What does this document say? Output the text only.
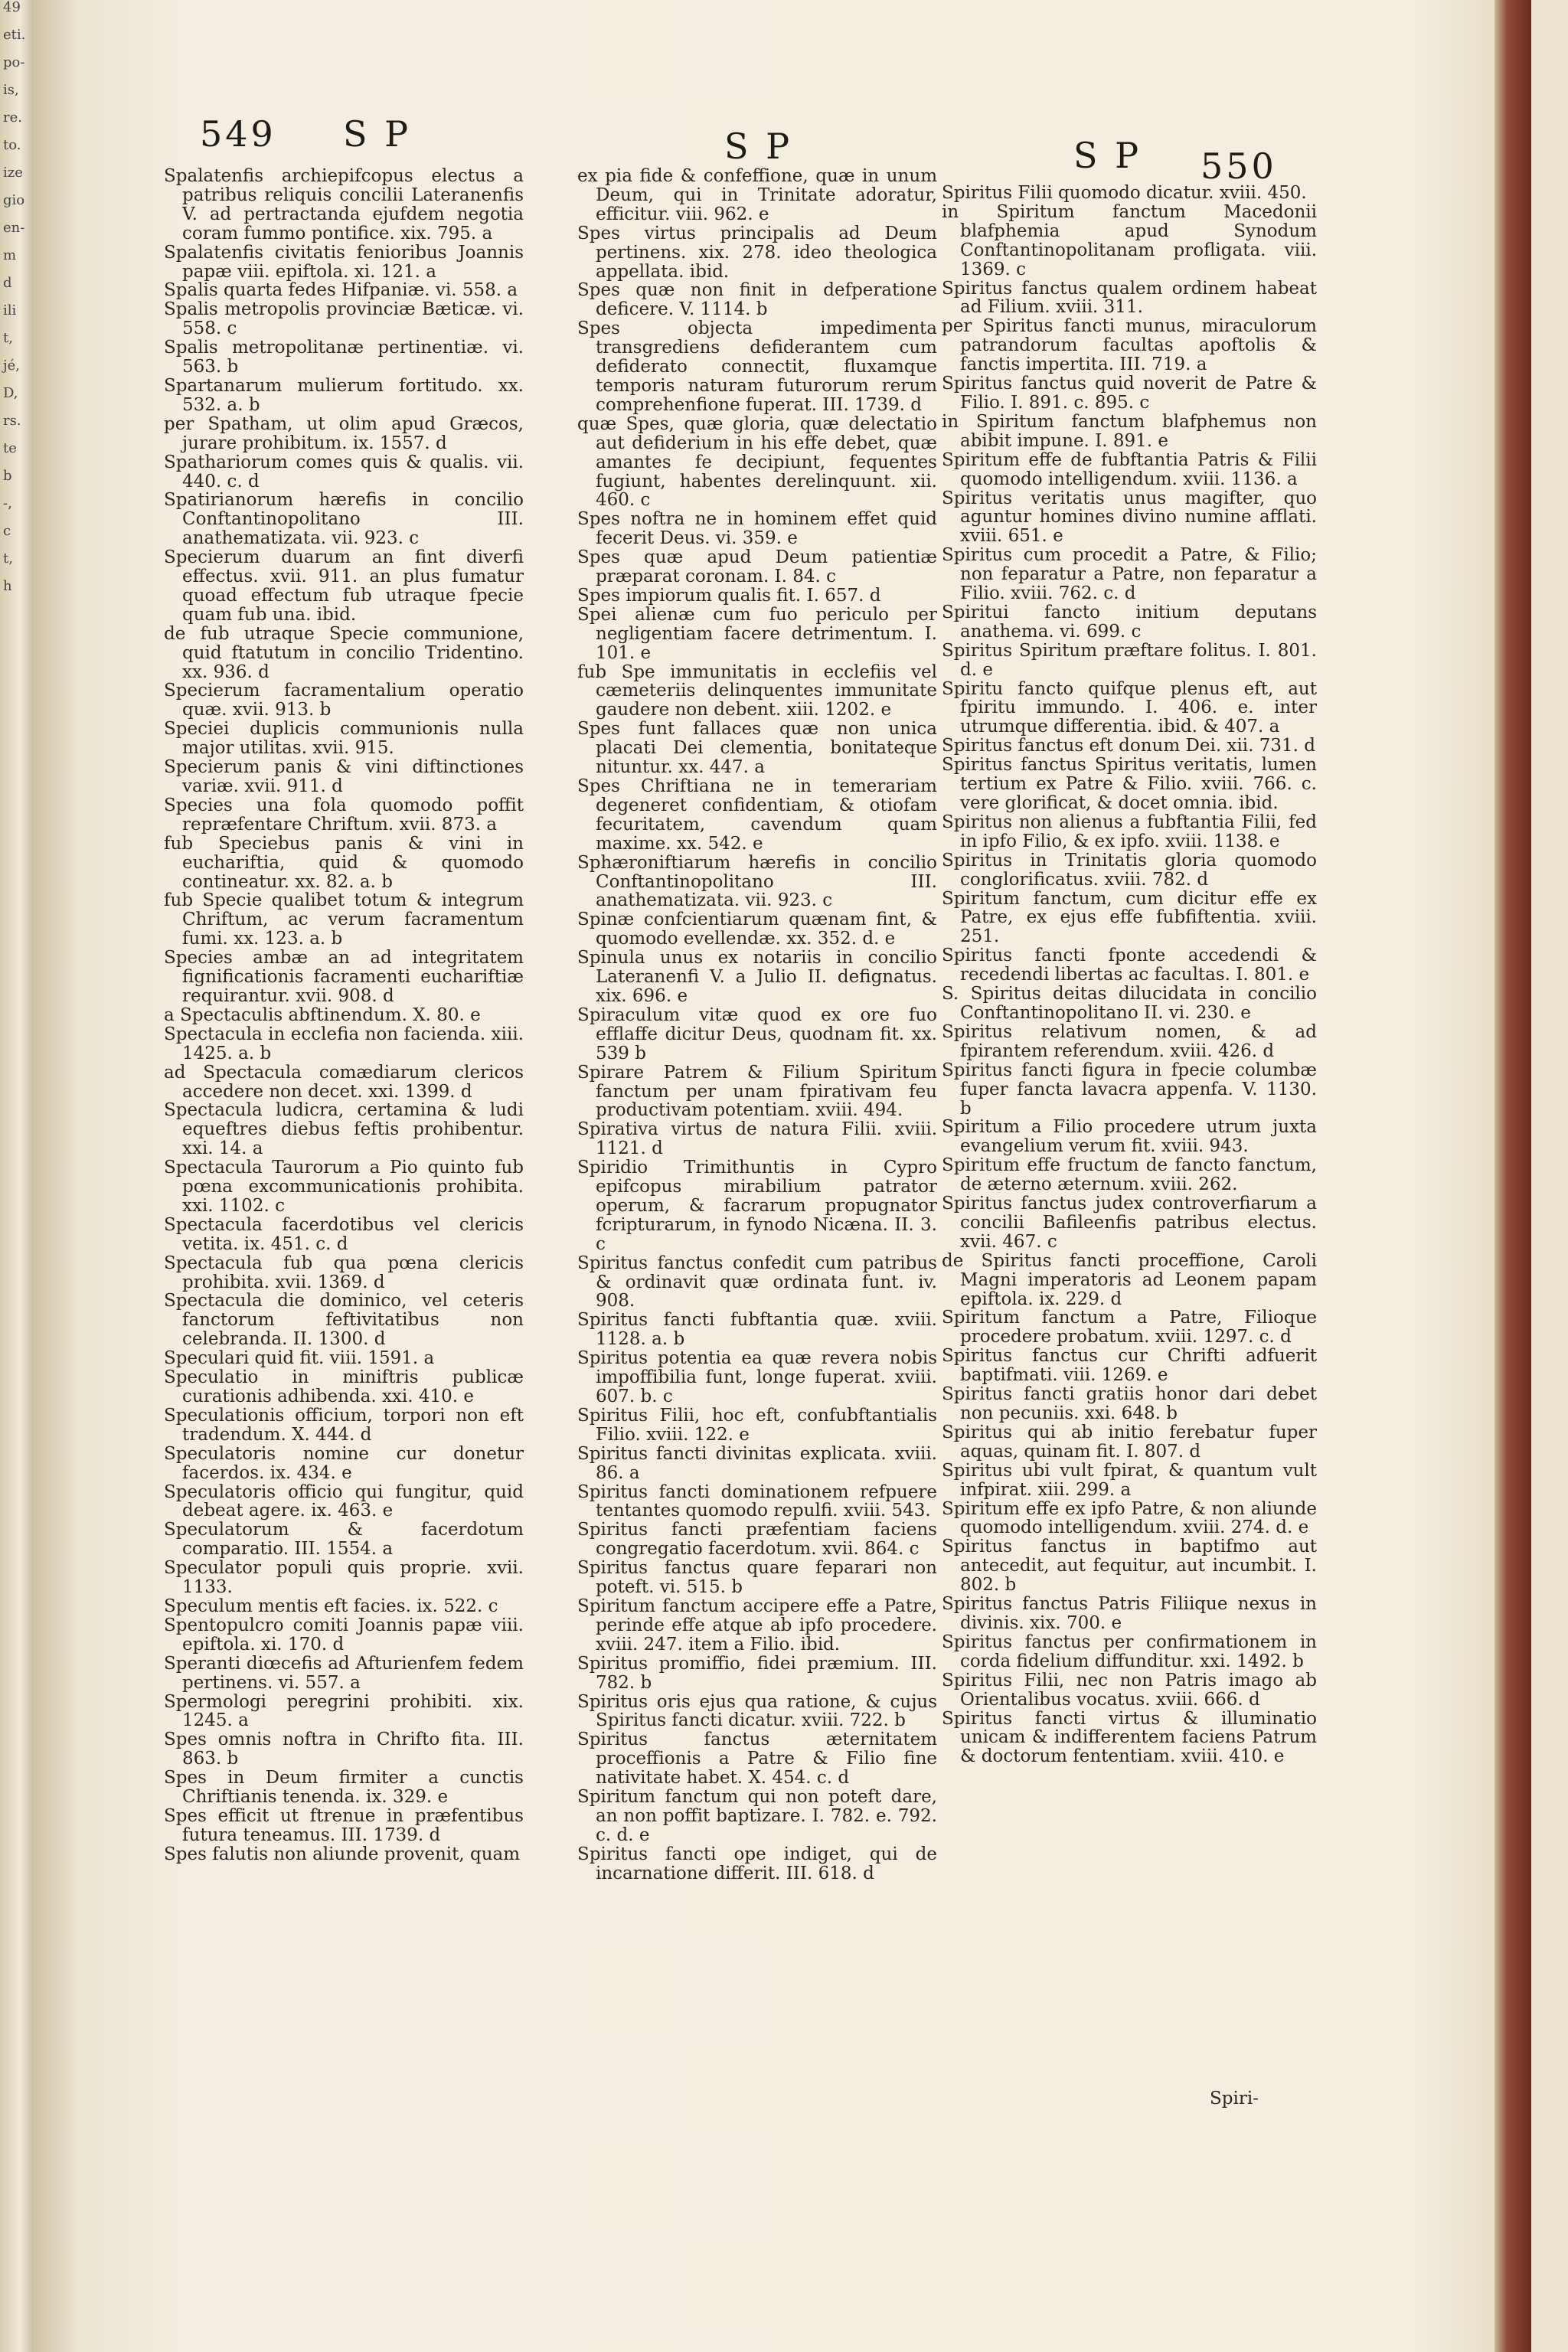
49
eti.
po-
is,
re.
to.
ize
gio
en-
m
d
ili
t,
jé,
D,
rs.
te
b
-,
c
t,
h
549 S P	S P	S P 550

Spalatenfis archiepifcopus electus a patribus reliquis concilii Lateranenfis V. ad pertractanda ejufdem negotia coram fummo pontifice. xix. 795. a

Spalatenfis civitatis fenioribus Joannis papæ viii. epiftola. xi. 121. a

Spalis quarta fedes Hifpaniæ. vi. 558. a

Spalis metropolis provinciæ Bæticæ. vi. 558. c

Spalis metropolitanæ pertinentiæ. vi. 563. b

Spartanarum mulierum fortitudo. xx. 532. a. b

per Spatham, ut olim apud Græcos, jurare prohibitum. ix. 1557. d

Spathariorum comes quis & qualis. vii. 440. c. d

Spatirianorum hærefis in concilio Conftantinopolitano III. anathematizata. vii. 923. c

Specierum duarum an fint diverfi effectus. xvii. 911. an plus fumatur quoad effectum fub utraque fpecie quam fub una. ibid.

de fub utraque Specie communione, quid ftatutum in concilio Tridentino. xx. 936. d

Specierum facramentalium operatio quæ. xvii. 913. b

Speciei duplicis communionis nulla major utilitas. xvii. 915.

Specierum panis & vini diftinctiones variæ. xvii. 911. d

Species una fola quomodo poffit repræfentare Chriftum. xvii. 873. a

fub Speciebus panis & vini in euchariftia, quid & quomodo contineatur. xx. 82. a. b

fub Specie qualibet totum & integrum Chriftum, ac verum facramentum fumi. xx. 123. a. b

Species ambæ an ad integritatem fignificationis facramenti euchariftiæ requirantur. xvii. 908. d

a Spectaculis abftinendum. X. 80. e

Spectacula in ecclefia non facienda. xiii. 1425. a. b

ad Spectacula comædiarum clericos accedere non decet. xxi. 1399. d

Spectacula ludicra, certamina & ludi equeftres diebus feftis prohibentur. xxi. 14. a

Spectacula Taurorum a Pio quinto fub pœna excommunicationis prohibita. xxi. 1102. c

Spectacula facerdotibus vel clericis vetita. ix. 451. c. d

Spectacula fub qua pœna clericis prohibita. xvii. 1369. d

Spectacula die dominico, vel ceteris fanctorum feftivitatibus non celebranda. II. 1300. d

Speculari quid fit. viii. 1591. a

Speculatio in miniftris publicæ curationis adhibenda. xxi. 410. e

Speculationis officium, torpori non eft tradendum. X. 444. d

Speculatoris nomine cur donetur facerdos. ix. 434. e

Speculatoris officio qui fungitur, quid debeat agere. ix. 463. e

Speculatorum & facerdotum comparatio. III. 1554. a

Speculator populi quis proprie. xvii. 1133.

Speculum mentis eft facies. ix. 522. c

Spentopulcro comiti Joannis papæ viii. epiftola. xi. 170. d

Speranti diœcefis ad Afturienfem fedem pertinens. vi. 557. a

Spermologi peregrini prohibiti. xix. 1245. a

Spes omnis noftra in Chrifto fita. III. 863. b

Spes in Deum firmiter a cunctis Chriftianis tenenda. ix. 329. e

Spes efficit ut ftrenue in præfentibus futura teneamus. III. 1739. d

Spes falutis non aliunde provenit, quam

ex pia fide & confeffione, quæ in unum Deum, qui in Trinitate adoratur, efficitur. viii. 962. e

Spes virtus principalis ad Deum pertinens. xix. 278. ideo theologica appellata. ibid.

Spes quæ non finit in defperatione deficere. V. 1114. b

Spes objecta impedimenta transgrediens defiderantem cum defiderato connectit, fluxamque temporis naturam futurorum rerum comprehenfione fuperat. III. 1739. d

quæ Spes, quæ gloria, quæ delectatio aut defiderium in his effe debet, quæ amantes fe decipiunt, fequentes fugiunt, habentes derelinquunt. xii. 460. c

Spes noftra ne in hominem effet quid fecerit Deus. vi. 359. e

Spes quæ apud Deum patientiæ præparat coronam. I. 84. c

Spes impiorum qualis fit. I. 657. d

Spei alienæ cum fuo periculo per negligentiam facere detrimentum. I. 101. e

fub Spe immunitatis in ecclefiis vel cæmeteriis delinquentes immunitate gaudere non debent. xiii. 1202. e

Spes funt fallaces quæ non unica placati Dei clementia, bonitateque nituntur. xx. 447. a

Spes Chriftiana ne in temerariam degeneret confidentiam, & otiofam fecuritatem, cavendum quam maxime. xx. 542. e

Sphæroniftiarum hærefis in concilio Conftantinopolitano III. anathematizata. vii. 923. c

Spinæ confcientiarum quænam fint, & quomodo evellendæ. xx. 352. d. e

Spinula unus ex notariis in concilio Lateranenfi V. a Julio II. defignatus. xix. 696. e

Spiraculum vitæ quod ex ore fuo efflaffe dicitur Deus, quodnam fit. xx. 539 b

Spirare Patrem & Filium Spiritum fanctum per unam fpirativam feu productivam potentiam. xviii. 494.

Spirativa virtus de natura Filii. xviii. 1121. d

Spiridio Trimithuntis in Cypro epifcopus mirabilium patrator operum, & facrarum propugnator fcripturarum, in fynodo Nicæna. II. 3. c

Spiritus fanctus confedit cum patribus & ordinavit quæ ordinata funt. iv. 908.

Spiritus fancti fubftantia quæ. xviii. 1128. a. b

Spiritus potentia ea quæ revera nobis impoffibilia funt, longe fuperat. xviii. 607. b. c

Spiritus Filii, hoc eft, confubftantialis Filio. xviii. 122. e

Spiritus fancti divinitas explicata. xviii. 86. a

Spiritus fancti dominationem refpuere tentantes quomodo repulfi. xviii. 543.

Spiritus fancti præfentiam faciens congregatio facerdotum. xvii. 864. c

Spiritus fanctus quare feparari non poteft. vi. 515. b

Spiritum fanctum accipere effe a Patre, perinde effe atque ab ipfo procedere. xviii. 247. item a Filio. ibid.

Spiritus promiffio, fidei præmium. III. 782. b

Spiritus oris ejus qua ratione, & cujus Spiritus fancti dicatur. xviii. 722. b

Spiritus fanctus æternitatem proceffionis a Patre & Filio fine nativitate habet. X. 454. c. d

Spiritum fanctum qui non poteft dare, an non poffit baptizare. I. 782. e. 792. c. d. e

Spiritus fancti ope indiget, qui de incarnatione differit. III. 618. d

Spiritus Filii quomodo dicatur. xviii. 450.

in Spiritum fanctum Macedonii blafphemia apud Synodum Conftantinopolitanam profligata. viii. 1369. c

Spiritus fanctus qualem ordinem habeat ad Filium. xviii. 311.

per Spiritus fancti munus, miraculorum patrandorum facultas apoftolis & fanctis impertita. III. 719. a

Spiritus fanctus quid noverit de Patre & Filio. I. 891. c. 895. c

in Spiritum fanctum blafphemus non abibit impune. I. 891. e

Spiritum effe de fubftantia Patris & Filii quomodo intelligendum. xviii. 1136. a

Spiritus veritatis unus magifter, quo aguntur homines divino numine afflati. xviii. 651. e

Spiritus cum procedit a Patre, & Filio; non feparatur a Patre, non feparatur a Filio. xviii. 762. c. d

Spiritui fancto initium deputans anathema. vi. 699. c

Spiritus Spiritum præftare folitus. I. 801. d. e

Spiritu fancto quifque plenus eft, aut fpiritu immundo. I. 406. e. inter utrumque differentia. ibid. & 407. a

Spiritus fanctus eft donum Dei. xii. 731. d

Spiritus fanctus Spiritus veritatis, lumen tertium ex Patre & Filio. xviii. 766. c. vere glorificat, & docet omnia. ibid.

Spiritus non alienus a fubftantia Filii, fed in ipfo Filio, & ex ipfo. xviii. 1138. e

Spiritus in Trinitatis gloria quomodo conglorificatus. xviii. 782. d

Spiritum fanctum, cum dicitur effe ex Patre, ex ejus effe fubfiftentia. xviii. 251.

Spiritus fancti fponte accedendi & recedendi libertas ac facultas. I. 801. e

S. Spiritus deitas dilucidata in concilio Conftantinopolitano II. vi. 230. e

Spiritus relativum nomen, & ad fpirantem referendum. xviii. 426. d

Spiritus fancti figura in fpecie columbæ fuper fancta lavacra appenfa. V. 1130. b

Spiritum a Filio procedere utrum juxta evangelium verum fit. xviii. 943.

Spiritum effe fructum de fancto fanctum, de æterno æternum. xviii. 262.

Spiritus fanctus judex controverfiarum a concilii Bafileenfis patribus electus. xvii. 467. c

de Spiritus fancti proceffione, Caroli Magni imperatoris ad Leonem papam epiftola. ix. 229. d

Spiritum fanctum a Patre, Filioque procedere probatum. xviii. 1297. c. d

Spiritus fanctus cur Chrifti adfuerit baptifmati. viii. 1269. e

Spiritus fancti gratiis honor dari debet non pecuniis. xxi. 648. b

Spiritus qui ab initio ferebatur fuper aquas, quinam fit. I. 807. d

Spiritus ubi vult fpirat, & quantum vult infpirat. xiii. 299. a

Spiritum effe ex ipfo Patre, & non aliunde quomodo intelligendum. xviii. 274. d. e

Spiritus fanctus in baptifmo aut antecedit, aut fequitur, aut incumbit. I. 802. b

Spiritus fanctus Patris Filiique nexus in divinis. xix. 700. e

Spiritus fanctus per confirmationem in corda fidelium diffunditur. xxi. 1492. b

Spiritus Filii, nec non Patris imago ab Orientalibus vocatus. xviii. 666. d

Spiritus fancti virtus & illuminatio unicam & indifferentem faciens Patrum & doctorum fententiam. xviii. 410. e

Spiri-
